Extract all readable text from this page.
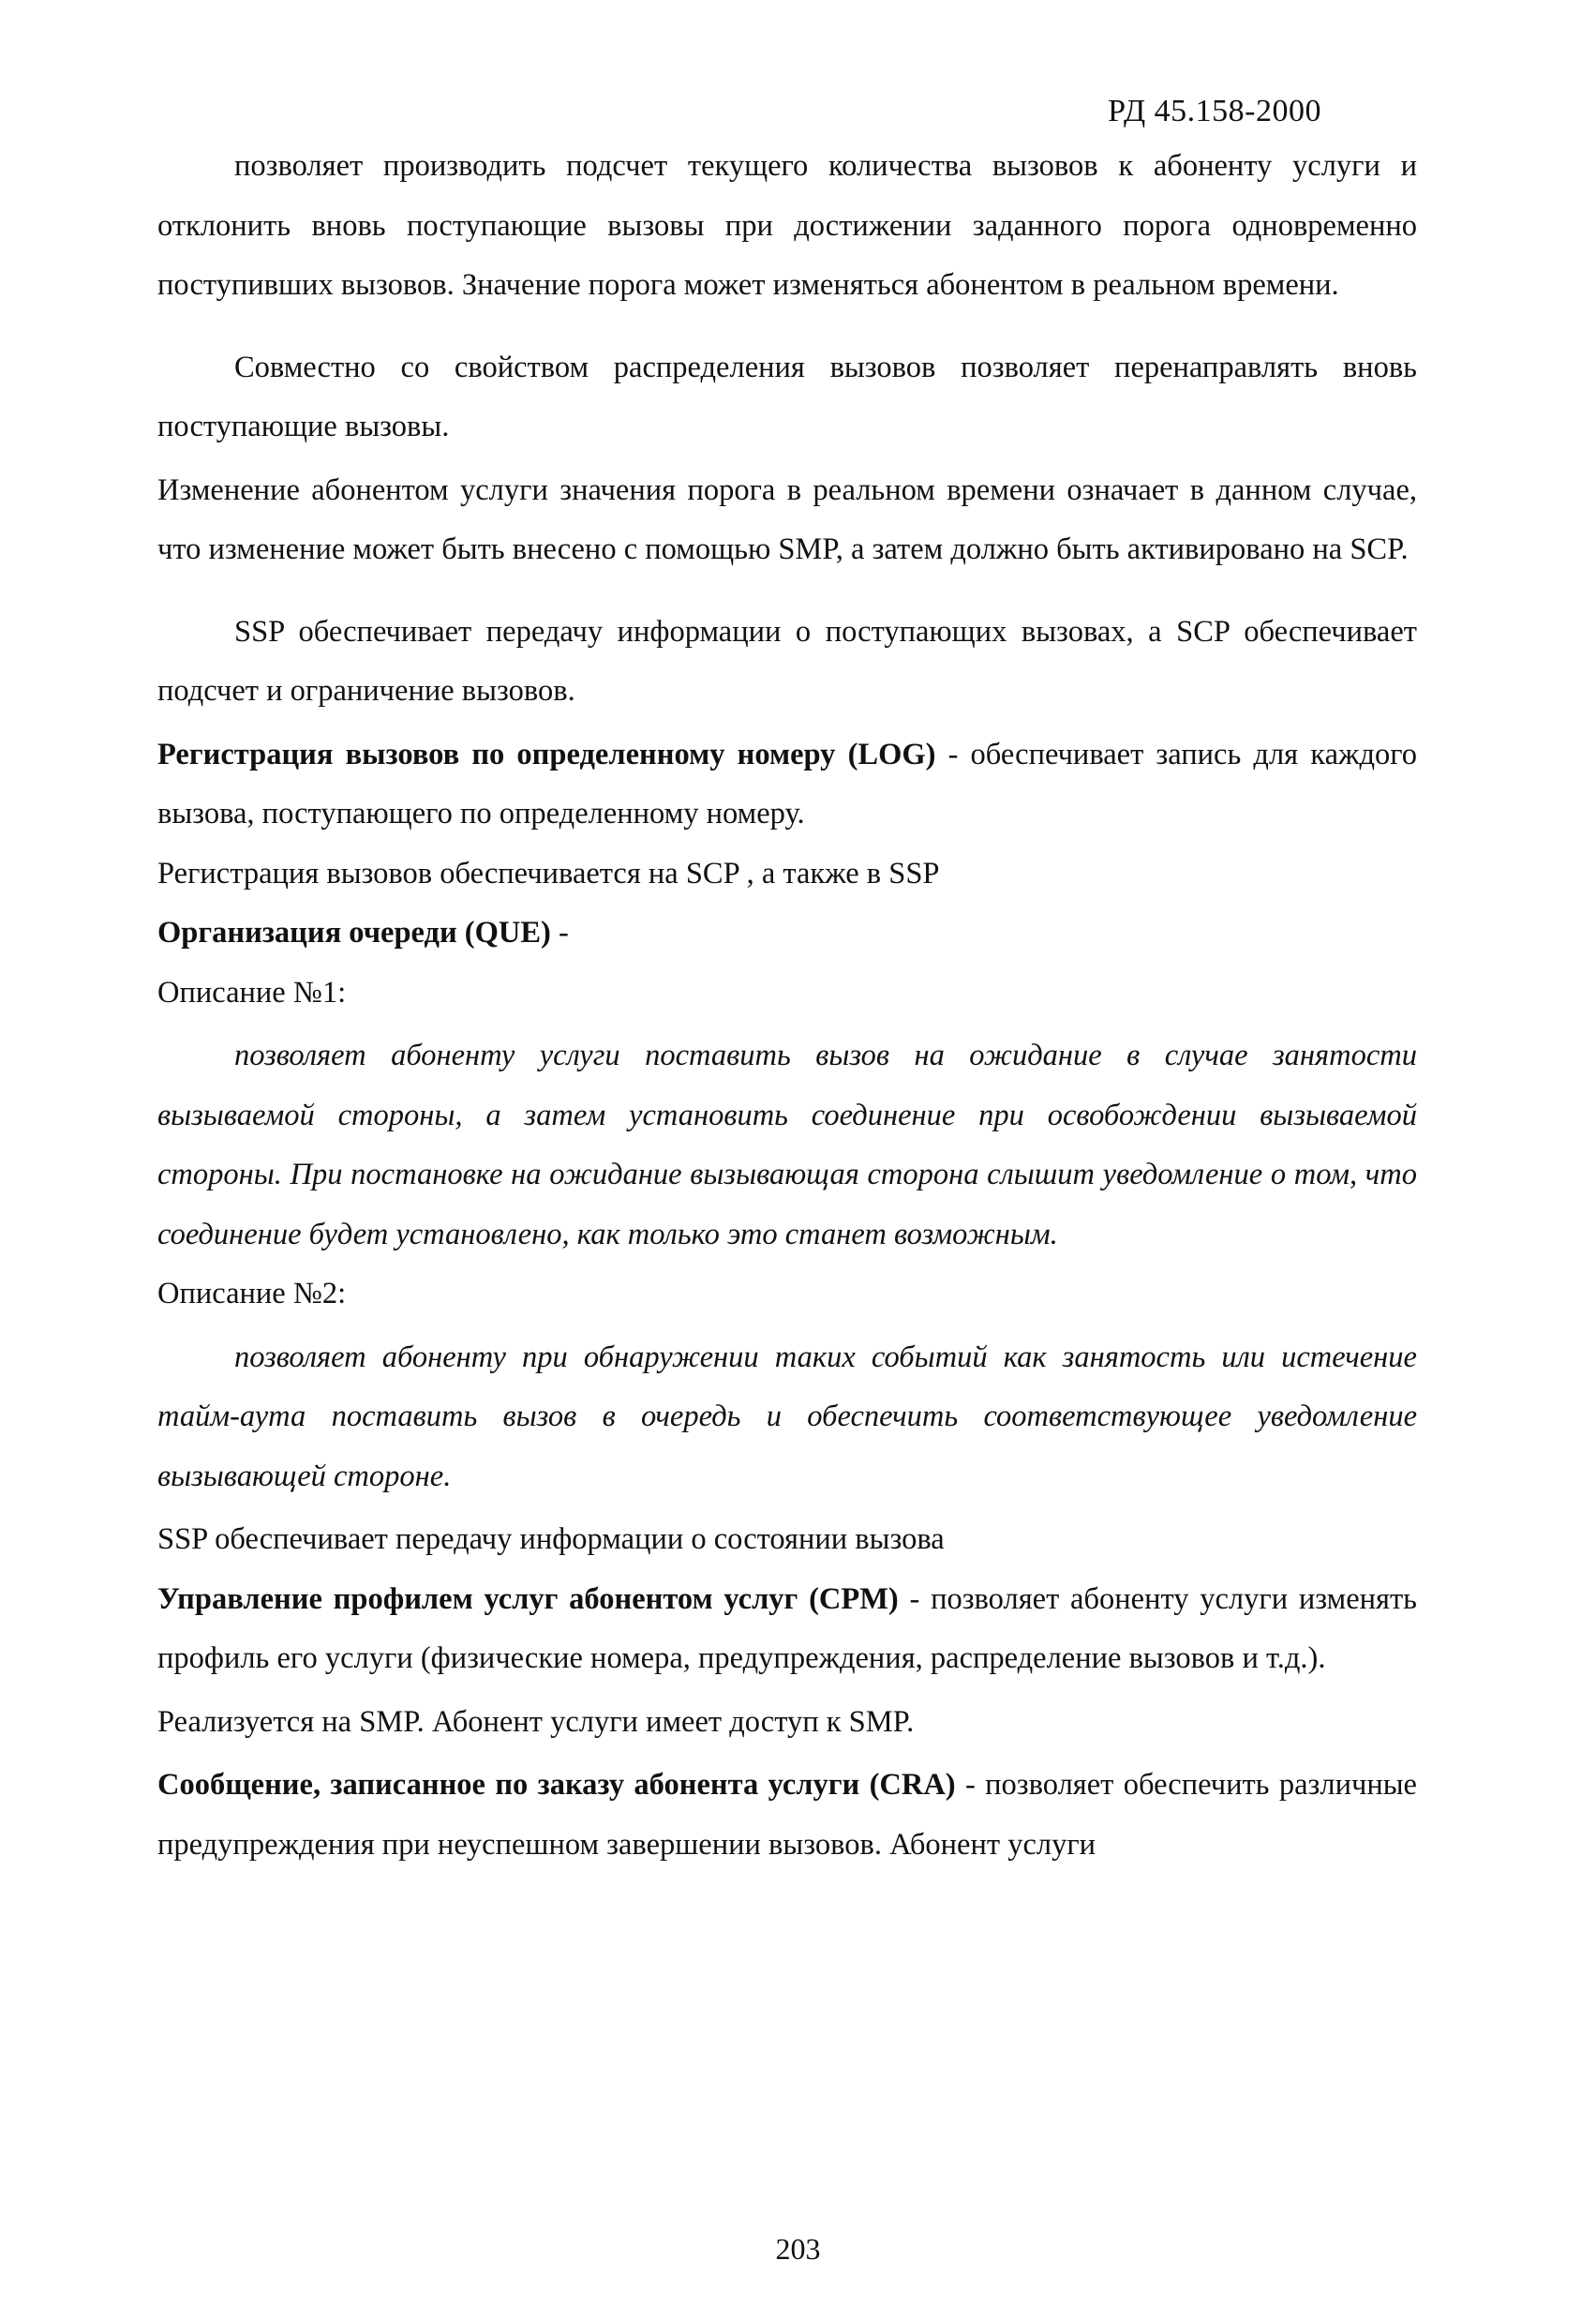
РД 45.158-2000

позволяет производить подсчет текущего количества вызовов к абоненту услуги и отклонить вновь поступающие вызовы при достижении заданного порога одновременно поступивших вызовов. Значение порога может изменяться абонентом в реальном времени.

Совместно со свойством распределения вызовов позволяет перенаправлять вновь поступающие вызовы.

Изменение абонентом услуги значения порога в реальном времени означает в данном случае, что изменение может быть внесено с помощью SMP, а затем должно быть активировано на SCP.

SSP обеспечивает передачу информации о поступающих вызовах, а SCP обеспечивает подсчет и ограничение вызовов.

Регистрация вызовов по определенному номеру (LOG) - обеспечивает запись для каждого вызова, поступающего по определенному номеру.

Регистрация вызовов обеспечивается на SCP , а также в SSP

Организация очереди (QUE) -

Описание №1:

позволяет абоненту услуги поставить вызов на ожидание в случае занятости вызываемой стороны, а затем установить соединение при освобождении вызываемой стороны. При постановке на ожидание вызывающая сторона слышит уведомление о том, что соединение будет установлено, как только это станет возможным.

Описание №2:

позволяет абоненту при обнаружении таких событий как занятость или истечение тайм-аута поставить вызов в очередь и обеспечить соответствующее уведомление вызывающей стороне.

SSP обеспечивает передачу информации о состоянии вызова

Управление профилем услуг абонентом услуг (CPM) - позволяет абоненту услуги изменять профиль его услуги (физические номера, предупреждения, распределение вызовов и т.д.).

Реализуется на SMP. Абонент услуги имеет доступ к SMP.

Сообщение, записанное по заказу абонента услуги (CRA) - позволяет обеспечить различные предупреждения при неуспешном завершении вызовов. Абонент услуги

203
